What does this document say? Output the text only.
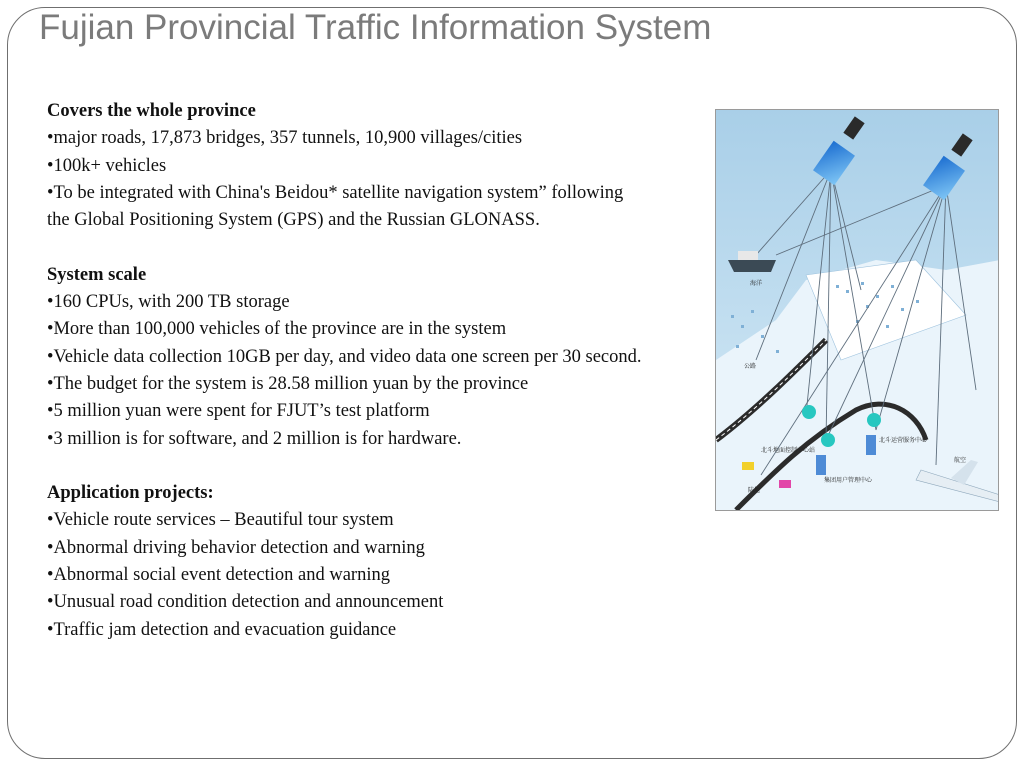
Fujian Provincial Traffic Information System
Covers the whole province
• major roads, 17,873 bridges, 357 tunnels, 10,900 villages/cities
• 100k+ vehicles
• To be integrated with China's Beidou* satellite navigation system” following
the Global Positioning System (GPS) and the Russian GLONASS.
System scale
• 160 CPUs, with 200 TB storage
• More than 100,000 vehicles of the province are in the system
• Vehicle data collection 10GB per day, and video data one screen per 30 second.
• The budget for the system is 28.58 million yuan by the province
• 5 million yuan were spent for FJUT’s test platform
• 3 million is for software, and 2 million is for hardware.
Application projects:
• Vehicle route services – Beautiful tour system
• Abnormal driving behavior detection and warning
• Abnormal social event detection and warning
• Unusual road condition detection and announcement
• Traffic jam detection and evacuation guidance
海洋
公路
北斗地面控制中心站
北斗运营服务中心
集团用户管理中心
陆地
航空
